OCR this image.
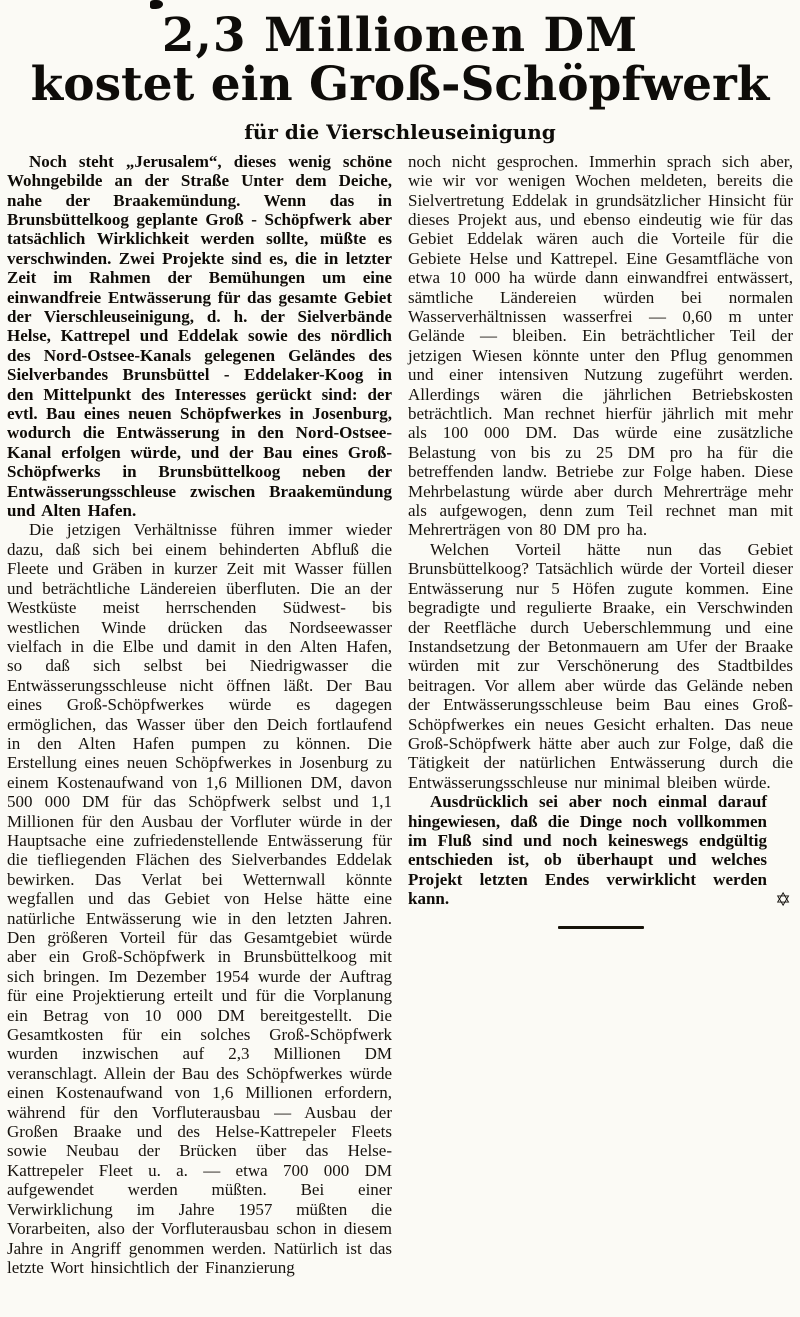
2,3 Millionen DM
kostet ein Groß-Schöpfwerk
für die Vierschleuseinigung

Noch steht „Jerusalem“, dieses wenig schöne Wohngebilde an der Straße Unter dem Deiche, nahe der Braakemündung. Wenn das in Brunsbüttelkoog geplante Groß - Schöpfwerk aber tatsächlich Wirklichkeit werden sollte, müßte es verschwinden. Zwei Projekte sind es, die in letzter Zeit im Rahmen der Bemühungen um eine einwandfreie Entwässerung für das gesamte Gebiet der Vierschleuseinigung, d. h. der Sielverbände Helse, Kattrepel und Eddelak sowie des nördlich des Nord-Ostsee-Kanals gelegenen Geländes des Sielverbandes Brunsbüttel - Eddelaker-Koog in den Mittelpunkt des Interesses gerückt sind: der evtl. Bau eines neuen Schöpfwerkes in Josenburg, wodurch die Entwässerung in den Nord-Ostsee-Kanal erfolgen würde, und der Bau eines Groß-Schöpfwerks in Brunsbüttelkoog neben der Entwässerungsschleuse zwischen Braakemündung und Alten Hafen.

Die jetzigen Verhältnisse führen immer wieder dazu, daß sich bei einem behinderten Abfluß die Fleete und Gräben in kurzer Zeit mit Wasser füllen und beträchtliche Ländereien überfluten. Die an der Westküste meist herrschenden Südwest- bis westlichen Winde drücken das Nordseewasser vielfach in die Elbe und damit in den Alten Hafen, so daß sich selbst bei Niedrigwasser die Entwässerungsschleuse nicht öffnen läßt. Der Bau eines Groß-Schöpfwerkes würde es dagegen ermöglichen, das Wasser über den Deich fortlaufend in den Alten Hafen pumpen zu können. Die Erstellung eines neuen Schöpfwerkes in Josenburg zu einem Kostenaufwand von 1,6 Millionen DM, davon 500 000 DM für das Schöpfwerk selbst und 1,1 Millionen für den Ausbau der Vorfluter würde in der Hauptsache eine zufriedenstellende Entwässerung für die tiefliegenden Flächen des Sielverbandes Eddelak bewirken. Das Verlat bei Wetternwall könnte wegfallen und das Gebiet von Helse hätte eine natürliche Entwässerung wie in den letzten Jahren. Den größeren Vorteil für das Gesamtgebiet würde aber ein Groß-Schöpfwerk in Brunsbüttelkoog mit sich bringen. Im Dezember 1954 wurde der Auftrag für eine Projektierung erteilt und für die Vorplanung ein Betrag von 10 000 DM bereitgestellt. Die Gesamtkosten für ein solches Groß-Schöpfwerk wurden inzwischen auf 2,3 Millionen DM veranschlagt. Allein der Bau des Schöpfwerkes würde einen Kostenaufwand von 1,6 Millionen erfordern, während für den Vorfluterausbau — Ausbau der Großen Braake und des Helse-Kattrepeler Fleets sowie Neubau der Brücken über das Helse-Kattrepeler Fleet u. a. — etwa 700 000 DM aufgewendet werden müßten. Bei einer Verwirklichung im Jahre 1957 müßten die Vorarbeiten, also der Vorfluterausbau schon in diesem Jahre in Angriff genommen werden. Natürlich ist das letzte Wort hinsichtlich der Finanzierung

noch nicht gesprochen. Immerhin sprach sich aber, wie wir vor wenigen Wochen meldeten, bereits die Sielvertretung Eddelak in grundsätzlicher Hinsicht für dieses Projekt aus, und ebenso eindeutig wie für das Gebiet Eddelak wären auch die Vorteile für die Gebiete Helse und Kattrepel. Eine Gesamtfläche von etwa 10 000 ha würde dann einwandfrei entwässert, sämtliche Ländereien würden bei normalen Wasserverhältnissen wasserfrei — 0,60 m unter Gelände — bleiben. Ein beträchtlicher Teil der jetzigen Wiesen könnte unter den Pflug genommen und einer intensiven Nutzung zugeführt werden. Allerdings wären die jährlichen Betriebskosten beträchtlich. Man rechnet hierfür jährlich mit mehr als 100 000 DM. Das würde eine zusätzliche Belastung von bis zu 25 DM pro ha für die betreffenden landw. Betriebe zur Folge haben. Diese Mehrbelastung würde aber durch Mehrerträge mehr als aufgewogen, denn zum Teil rechnet man mit Mehrerträgen von 80 DM pro ha.

Welchen Vorteil hätte nun das Gebiet Brunsbüttelkoog? Tatsächlich würde der Vorteil dieser Entwässerung nur 5 Höfen zugute kommen. Eine begradigte und regulierte Braake, ein Verschwinden der Reetfläche durch Ueberschlemmung und eine Instandsetzung der Betonmauern am Ufer der Braake würden mit zur Verschönerung des Stadtbildes beitragen. Vor allem aber würde das Gelände neben der Entwässerungsschleuse beim Bau eines Groß-Schöpfwerkes ein neues Gesicht erhalten. Das neue Groß-Schöpfwerk hätte aber auch zur Folge, daß die Tätigkeit der natürlichen Entwässerung durch die Entwässerungsschleuse nur minimal bleiben würde.

Ausdrücklich sei aber noch einmal darauf hingewiesen, daß die Dinge noch vollkommen im Fluß sind und noch keineswegs endgültig entschieden ist, ob überhaupt und welches Projekt letzten Endes verwirklicht werden kann.	✡
